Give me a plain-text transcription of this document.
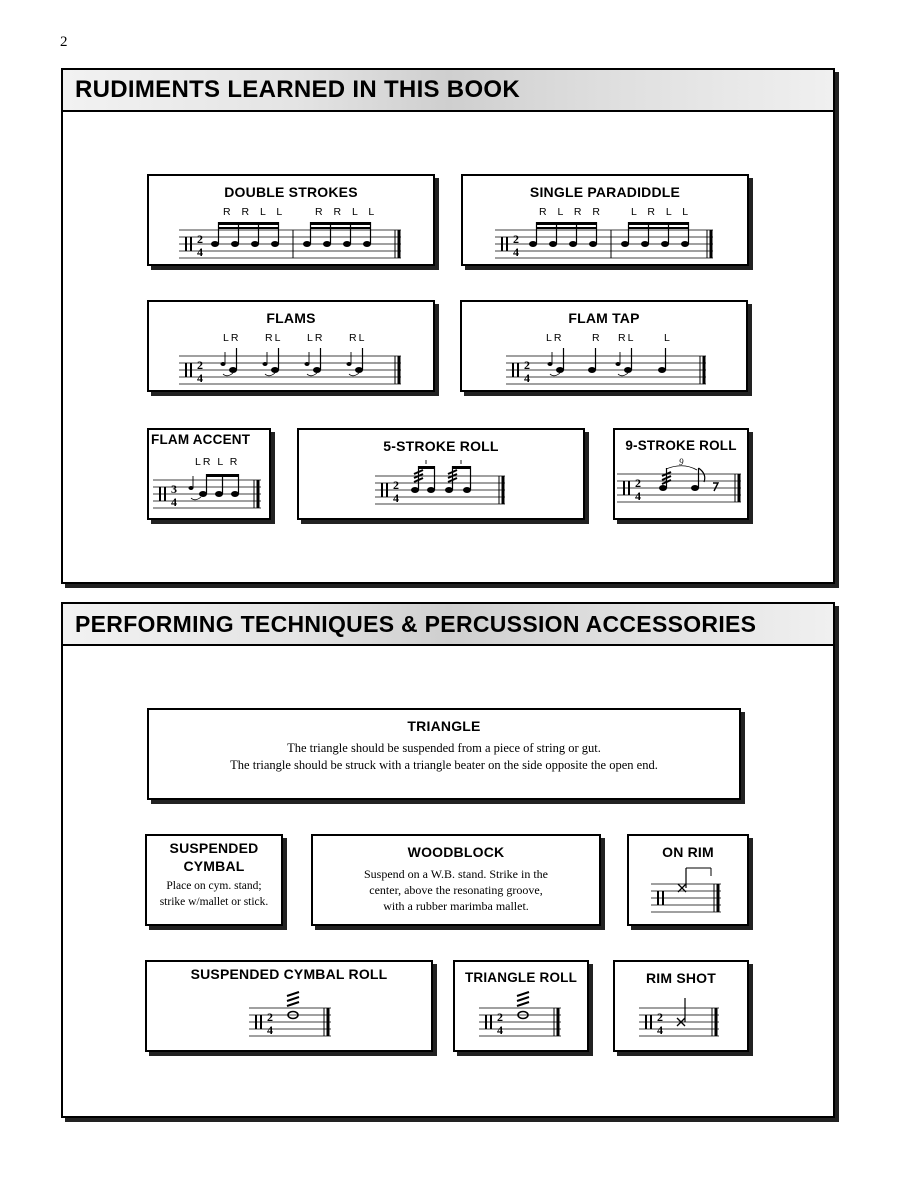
2
RUDIMENTS LEARNED IN THIS BOOK
DOUBLE STROKES
R R L L	R R L L
2
4
SINGLE PARADIDDLE
R L R R	L R L L
2
4
FLAMS
LR RL LR RL
2
4
FLAM TAP
LR	R RL	L
2
4
FLAM ACCENT
LR L R
3
4
5-STROKE ROLL
2
4
9-STROKE ROLL
2
4
9
PERFORMING TECHNIQUES & PERCUSSION ACCESSORIES
TRIANGLE
The triangle should be suspended from a piece of string or gut.
The triangle should be struck with a triangle beater on the side opposite the open end.
SUSPENDED
CYMBAL
Place on cym. stand;
strike w/mallet or stick.
WOODBLOCK
Suspend on a W.B. stand. Strike in the
center, above the resonating groove,
with a rubber marimba mallet.
ON RIM
SUSPENDED CYMBAL ROLL
2
4
TRIANGLE ROLL
2
4
RIM SHOT
2
4
